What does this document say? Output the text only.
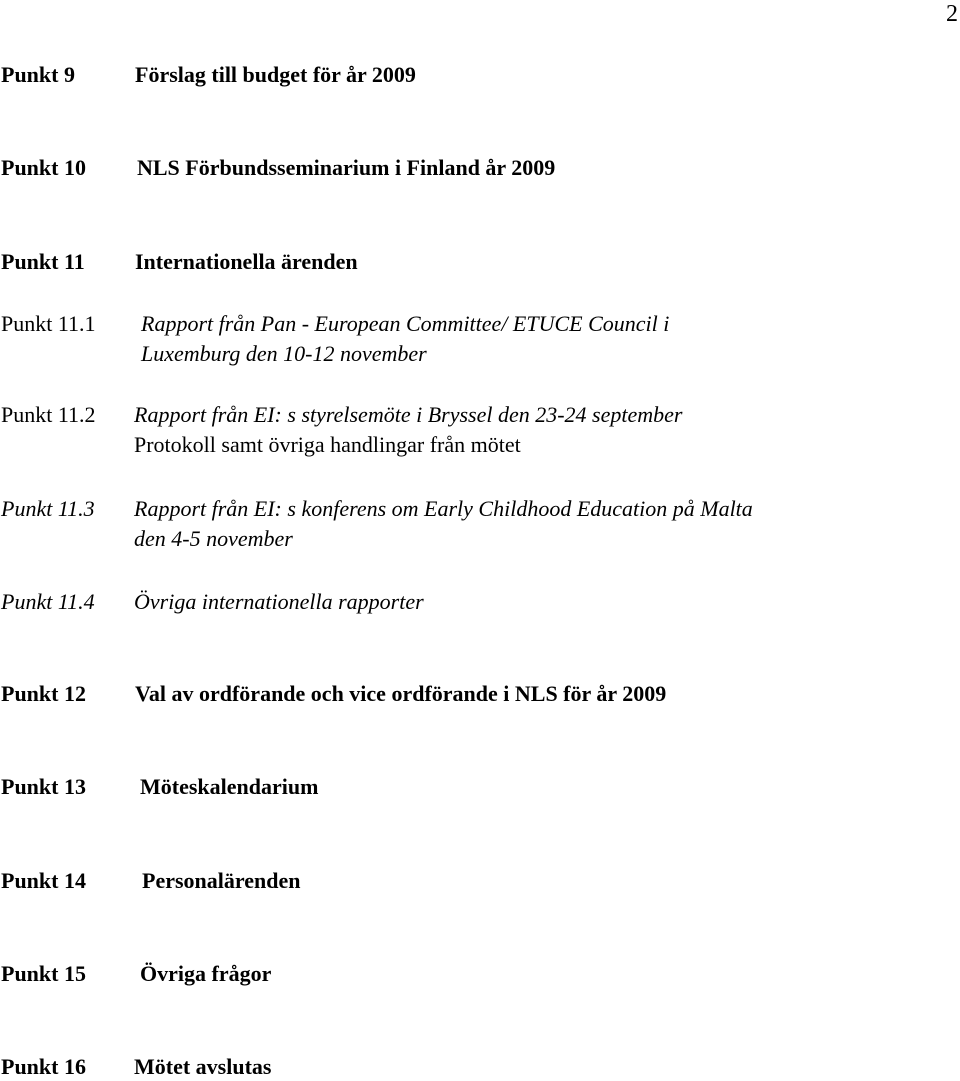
2
Punkt 9	Förslag till budget för år 2009
Punkt 10 NLS Förbundsseminarium i Finland år 2009
Punkt 11 Internationella ärenden
Punkt 11.1 Rapport från Pan - European Committee/ ETUCE Council i
Luxemburg den 10-12 november
Punkt 11.2 Rapport från EI: s styrelsemöte i Bryssel den 23-24 september
Protokoll samt övriga handlingar från mötet
Punkt 11.3 Rapport från EI: s konferens om Early Childhood Education på Malta
den 4-5 november
Punkt 11.4 Övriga internationella rapporter
Punkt 12 Val av ordförande och vice ordförande i NLS för år 2009
Punkt 13 Möteskalendarium
Punkt 14	Personalärenden
Punkt 15 Övriga frågor
Punkt 16 Mötet avslutas
